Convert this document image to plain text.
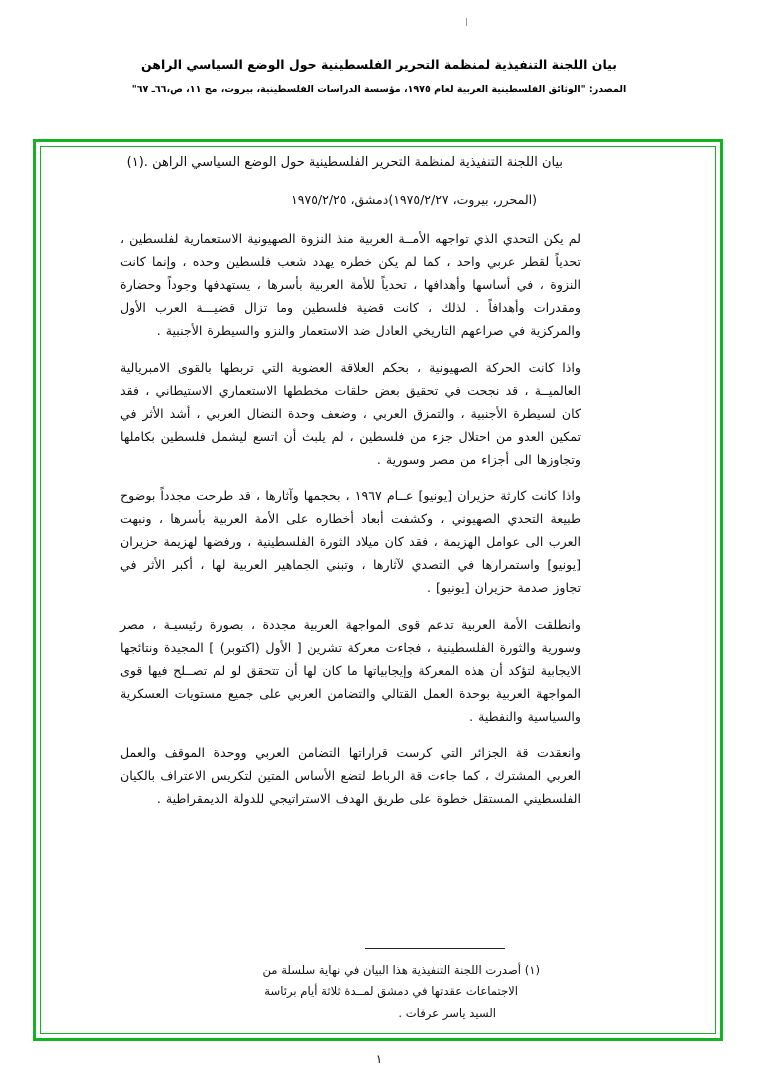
بيان اللجنة التنفيذية لمنظمة التحرير الفلسطينية حول الوضع السياسي الراهن
المصدر: "الوثائق الفلسطينية العربية لعام ١٩٧٥، مؤسسة الدراسات الفلسطينية، بيروت، مج ١١، ص،٦٦ـ ٦٧"
بيان اللجنة التنفيذية لمنظمة التحرير الفلسطينية حول الوضع السياسي الراهن .(١)
(المحرر، بيروت، ١٩٧٥/٢/٢٧)دمشق، ١٩٧٥/٢/٢٥

لم يكن التحدي الذي تواجهه الأمــة العربية منذ النزوة الصهيونية الاستعمارية لفلسطين ، تحدياً لقطر عربي واحد ، كما لم يكن خطره يهدد شعب فلسطين وحده ، وإنما كانت النزوة ، في أساسها وأهدافها ، تحدياً للأمة العربية بأسرها ، يستهدفها وجوداً وحضارة ومقدرات وأهدافاً . لذلك ، كانت قضية فلسطين وما تزال قضيـــة العرب الأول والمركزية في صراعهم التاريخي العادل ضد الاستعمار والنزو والسيطرة الأجنبية .

واذا كانت الحركة الصهيونية ، بحكم العلاقة العضوية التي تربطها بالقوى الامبريالية العالميــة ، قد نجحت في تحقيق بعض حلقات مخططها الاستعماري الاستيطاني ، فقد كان لسيطرة الأجنبية ، والتمزق العربي ، وضعف وحدة النضال العربي ، أشد الأثر في تمكين العدو من احتلال جزء من فلسطين ، لم يلبث أن اتسع ليشمل فلسطين بكاملها وتجاوزها الى أجزاء من مصر وسورية .

واذا كانت كارثة حزيران [يونيو] عــام ١٩٦٧ ، بحجمها وآثارها ، قد طرحت مجدداً بوضوح طبيعة التحدي الصهيوني ، وكشفت أبعاد أخطاره على الأمة العربية بأسرها ، ونبهت العرب الى عوامل الهزيمة ، فقد كان ميلاد الثورة الفلسطينية ، ورفضها لهزيمة حزيران [يونيو] واستمرارها في التصدي لآثارها ، وتبني الجماهير العربية لها ، أكبر الأثر في تجاوز صدمة حزيران [يونيو] .

وانطلقت الأمة العربية تدعم قوى المواجهة العربية مجددة ، بصورة رئيسيـة ، مصر وسورية والثورة الفلسطينية ، فجاءت معركة تشرين [ الأول (اكتوبر) ] المجيدة ونتائجها الايجابية لتؤكد أن هذه المعركة وإيجابياتها ما كان لها أن تتحقق لو لم تصــلح فيها قوى المواجهة العربية بوحدة العمل القتالي والتضامن العربي على جميع مستويات العسكرية والسياسية والنفطية .

وانعقدت قة الجزائر التي كرست قراراتها التضامن العربي ووحدة الموقف والعمل العربي المشترك ، كما جاءت قة الرباط لتضع الأساس المتين لتكريس الاعتراف بالكيان الفلسطيني المستقل خطوة على طريق الهدف الاستراتيجي للدولة الديمقراطية .

(١) أصدرت اللجنة التنفيذية هذا البيان في نهاية سلسلة من
الاجتماعات عقدتها في دمشق لمــدة ثلاثة أيام برئاسة
السيد ياسر عرفات .
١
